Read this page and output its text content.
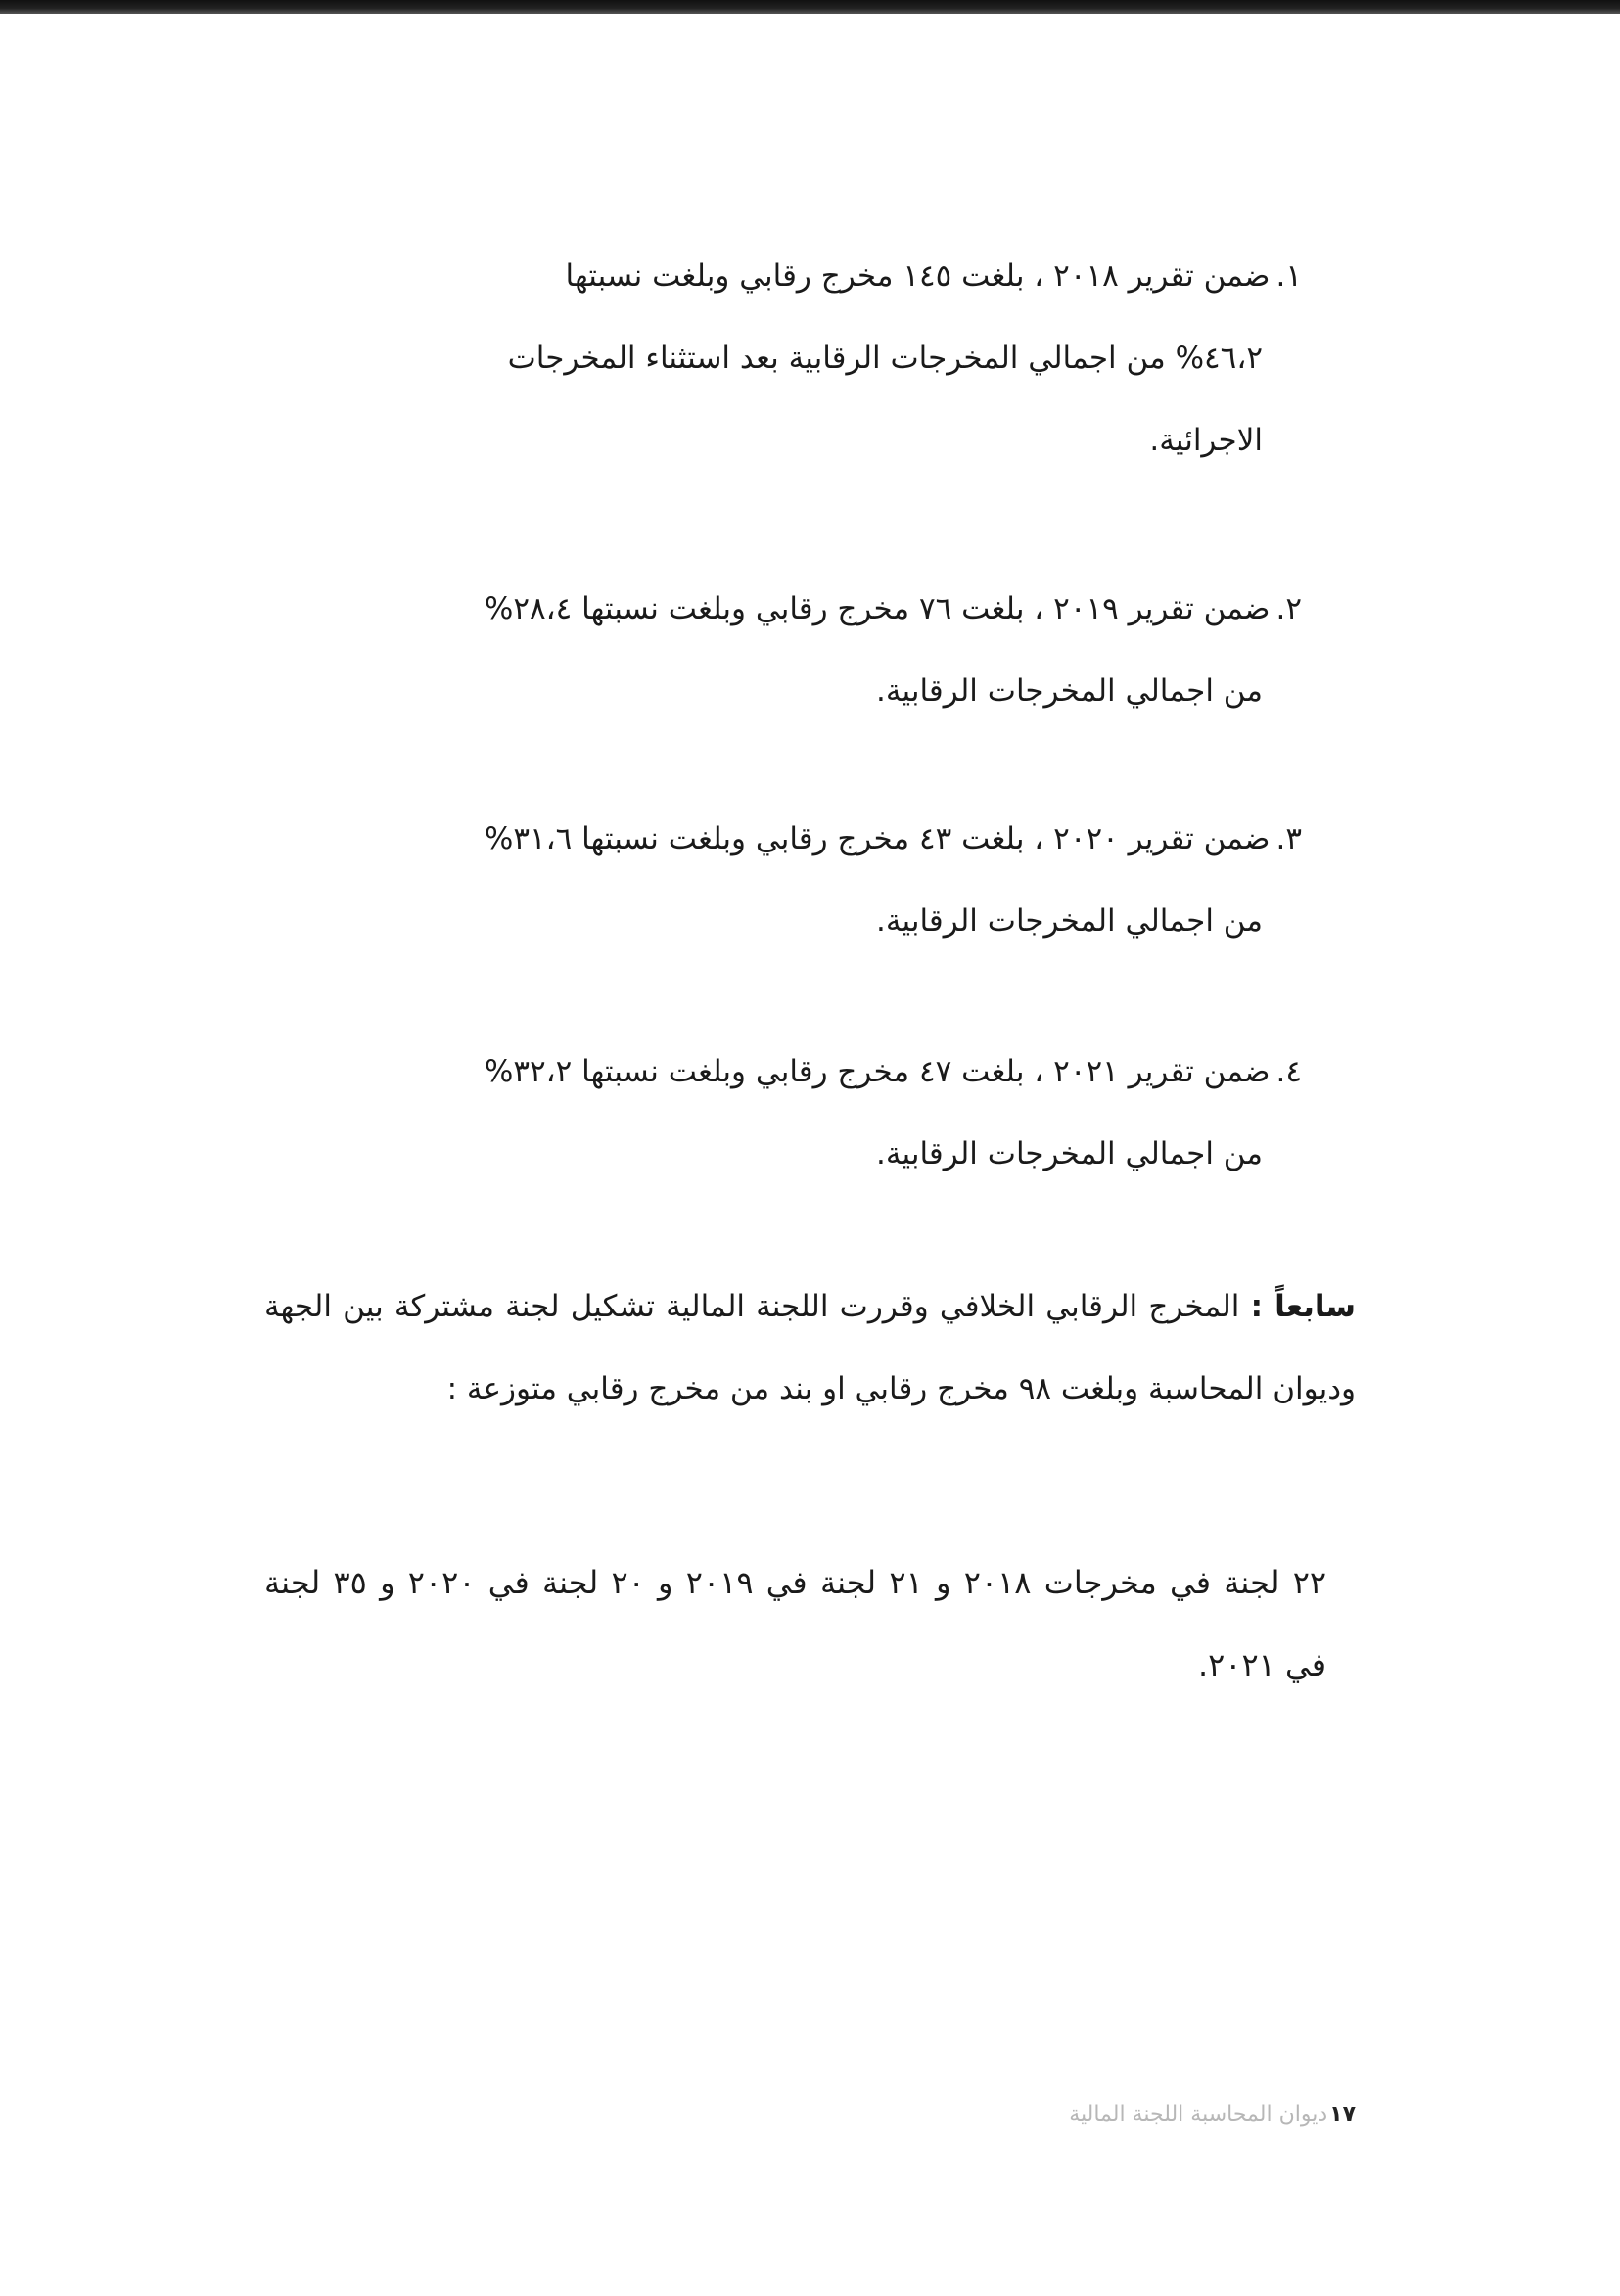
١.ضمن تقرير ٢٠١٨ ، بلغت ١٤٥ مخرج رقابي وبلغت نسبتها
٤٦،٢% من اجمالي المخرجات الرقابية بعد استثناء المخرجات
الاجرائية.
٢.ضمن تقرير ٢٠١٩ ، بلغت ٧٦ مخرج رقابي وبلغت نسبتها ٢٨،٤%
من اجمالي المخرجات الرقابية.
٣.ضمن تقرير ٢٠٢٠ ، بلغت ٤٣ مخرج رقابي وبلغت نسبتها ٣١،٦%
من اجمالي المخرجات الرقابية.
٤.ضمن تقرير ٢٠٢١ ، بلغت ٤٧ مخرج رقابي وبلغت نسبتها ٣٢،٢%
من اجمالي المخرجات الرقابية.
سابعاً : المخرج الرقابي الخلافي وقررت اللجنة المالية تشكيل لجنة مشتركة بين الجهة وديوان المحاسبة وبلغت ٩٨ مخرج رقابي او بند من مخرج رقابي متوزعة :
٢٢ لجنة في مخرجات ٢٠١٨ و ٢١ لجنة في ٢٠١٩ و ٢٠ لجنة في ٢٠٢٠ و ٣٥ لجنة في ٢٠٢١.
١٧ديوان المحاسبة اللجنة المالية
